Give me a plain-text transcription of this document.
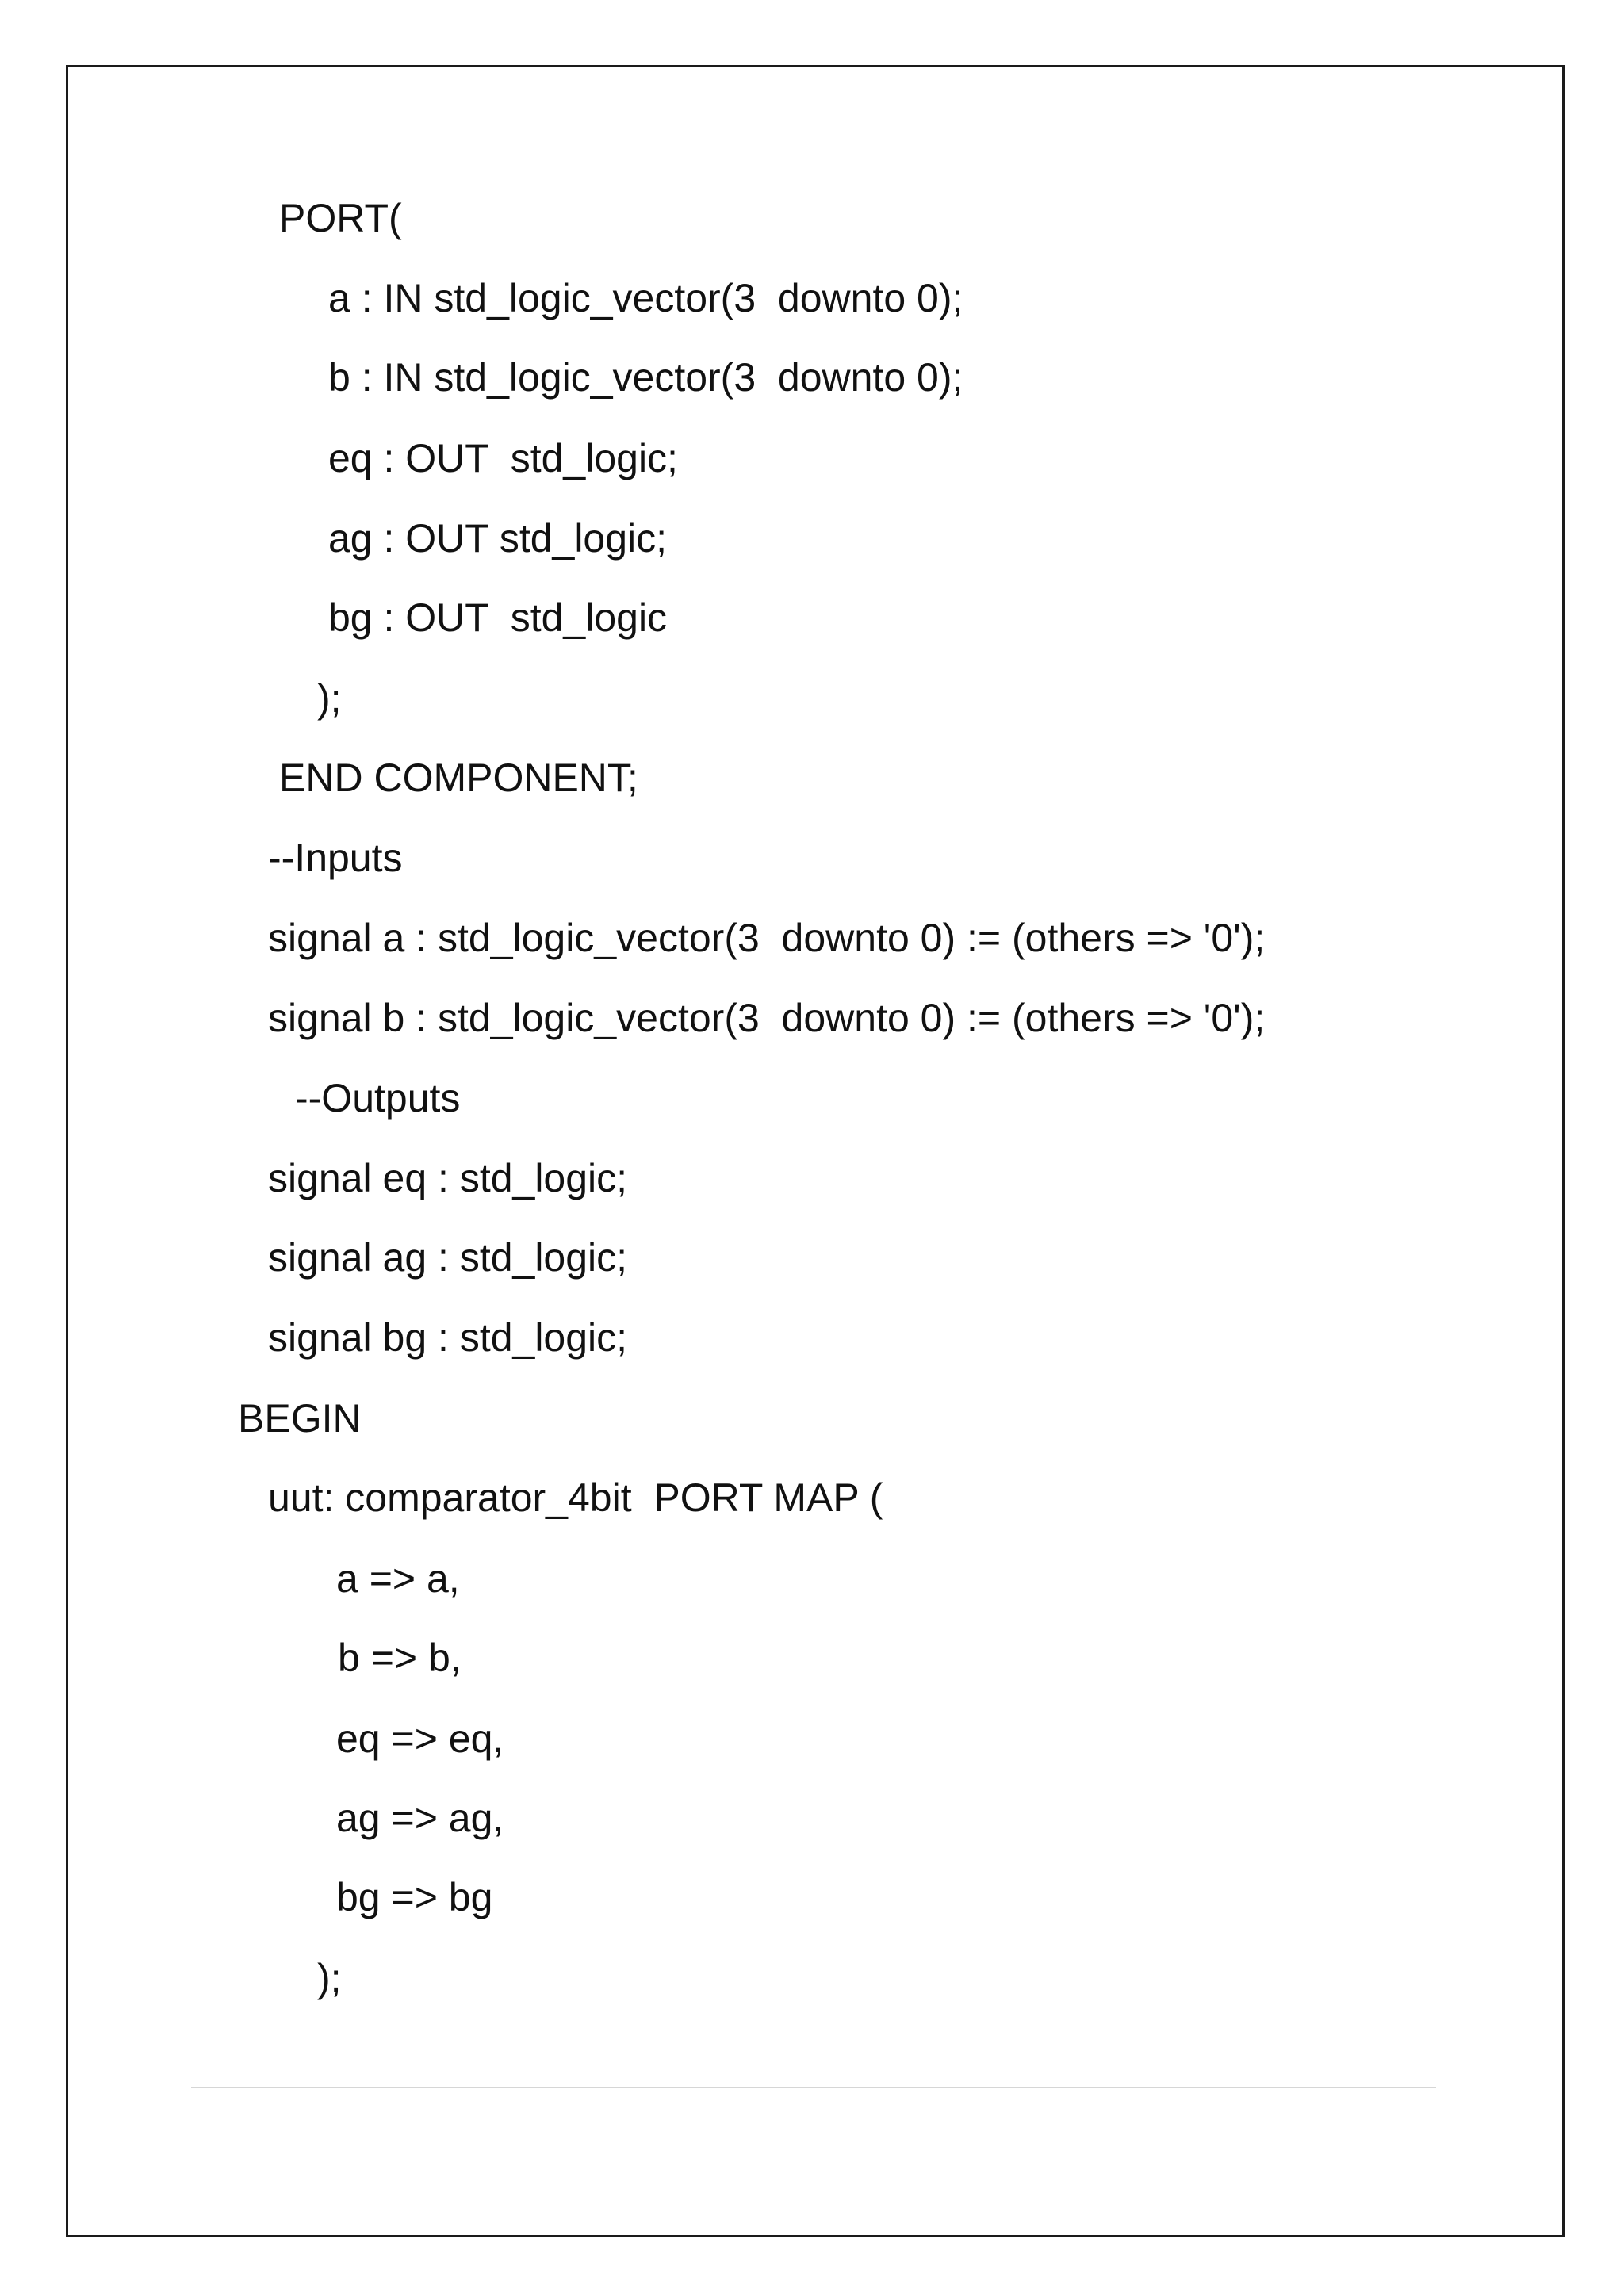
PORT(
a : IN std_logic_vector(3  downto 0);
b : IN std_logic_vector(3  downto 0);
eq : OUT  std_logic;
ag : OUT std_logic;
bg : OUT  std_logic
);
END COMPONENT;
--Inputs
signal a : std_logic_vector(3  downto 0) := (others => '0');
signal b : std_logic_vector(3  downto 0) := (others => '0');
--Outputs
signal eq : std_logic;
signal ag : std_logic;
signal bg : std_logic;
BEGIN
uut: comparator_4bit  PORT MAP (
a => a,
b => b,
eq => eq,
ag => ag,
bg => bg
);
